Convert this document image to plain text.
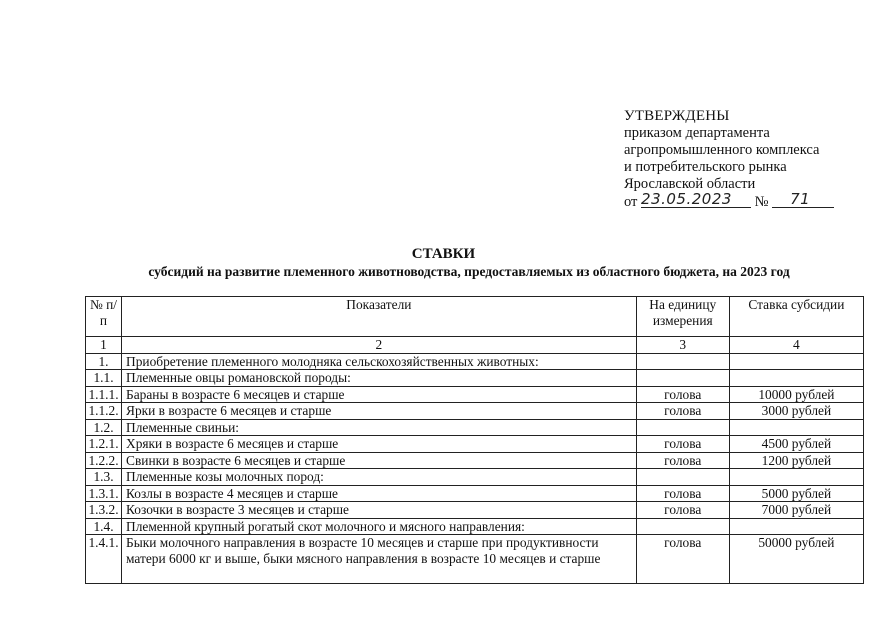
УТВЕРЖДЕНЫ
приказом департамента
агропромышленного комплекса
и потребительского рынка
Ярославской области
от 23.05.2023 № 71
СТАВКИ
субсидий на развитие племенного животноводства, предоставляемых из областного бюджета, на 2023 год
№ п/п	Показатели	На единицу измерения	Ставка субсидии
1	2	3	4
1.	Приобретение племенного молодняка сельскохозяйственных животных:		
1.1.	Племенные овцы романовской породы:		
1.1.1.	Бараны в возрасте 6 месяцев и старше	голова	10000 рублей
1.1.2.	Ярки в возрасте 6 месяцев и старше	голова	3000 рублей
1.2.	Племенные свиньи:		
1.2.1.	Хряки в возрасте 6 месяцев и старше	голова	4500 рублей
1.2.2.	Свинки в возрасте 6 месяцев и старше	голова	1200 рублей
1.3.	Племенные козы молочных пород:		
1.3.1.	Козлы в возрасте 4 месяцев и старше	голова	5000 рублей
1.3.2.	Козочки в возрасте 3 месяцев и старше	голова	7000 рублей
1.4.	Племенной крупный рогатый скот молочного и мясного направления:		
1.4.1.	Быки молочного направления в возрасте 10 месяцев и старше при продуктивности матери 6000 кг и выше, быки мясного направления в возрасте 10 месяцев и старше	голова	50000 рублей
